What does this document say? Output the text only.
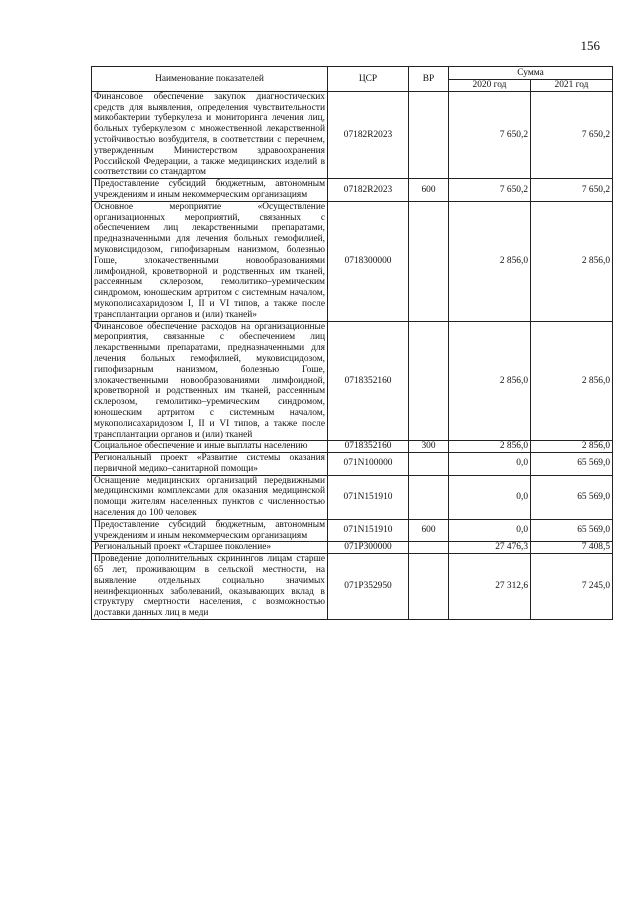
156
Наименование показателей	ЦСР	ВР	Сумма	
			2020 год	2021 год
Финансовое обеспечение закупок диагностических средств для выявления, определения чувствительности микобактерии туберкулеза и мониторинга лечения лиц, больных туберкулезом с множественной лекарственной устойчивостью возбудителя, в соответствии с перечнем, утвержденным Министерством здравоохранения Российской Федерации, а также медицинских изделий в соответствии со стандартом	07182R2023		7 650,2	7 650,2
Предоставление субсидий бюджетным, автономным учреждениям и иным некоммерческим организациям	07182R2023	600	7 650,2	7 650,2
Основное мероприятие «Осуществление организационных мероприятий, связанных с обеспечением лиц лекарственными препаратами, предназначенными для лечения больных гемофилией, муковисцидозом, гипофизарным нанизмом, болезнью Гоше, злокачественными новообразованиями лимфоидной, кроветворной и родственных им тканей, рассеянным склерозом, гемолитико–уремическим синдромом, юношеским артритом с системным началом, мукополисахаридозом I, II и VI типов, а также после трансплантации органов и (или) тканей»	0718300000		2 856,0	2 856,0
Финансовое обеспечение расходов на организационные мероприятия, связанные с обеспечением лиц лекарственными препаратами, предназначенными для лечения больных гемофилией, муковисцидозом, гипофизарным нанизмом, болезнью Гоше, злокачественными новообразованиями лимфоидной, кроветворной и родственных им тканей, рассеянным склерозом, гемолитико–уремическим синдромом, юношеским артритом с системным началом, мукополисахаридозом I, II и VI типов, а также после трансплантации органов и (или) тканей	0718352160		2 856,0	2 856,0
Социальное обеспечение и иные выплаты населению	0718352160	300	2 856,0	2 856,0
Региональный проект «Развитие системы оказания первичной медико–санитарной помощи»	071N100000		0,0	65 569,0
Оснащение медицинских организаций передвижными медицинскими комплексами для оказания медицинской помощи жителям населенных пунктов с численностью населения до 100 человек	071N151910		0,0	65 569,0
Предоставление субсидий бюджетным, автономным учреждениям и иным некоммерческим организациям	071N151910	600	0,0	65 569,0
Региональный проект «Старшее поколение»	071P300000		27 476,3	7 408,5
Проведение дополнительных скринингов лицам старше 65 лет, проживающим в сельской местности, на выявление отдельных социально значимых неинфекционных заболеваний, оказывающих вклад в структуру смертности населения, с возможностью доставки данных лиц в меди	071P352950		27 312,6	7 245,0
